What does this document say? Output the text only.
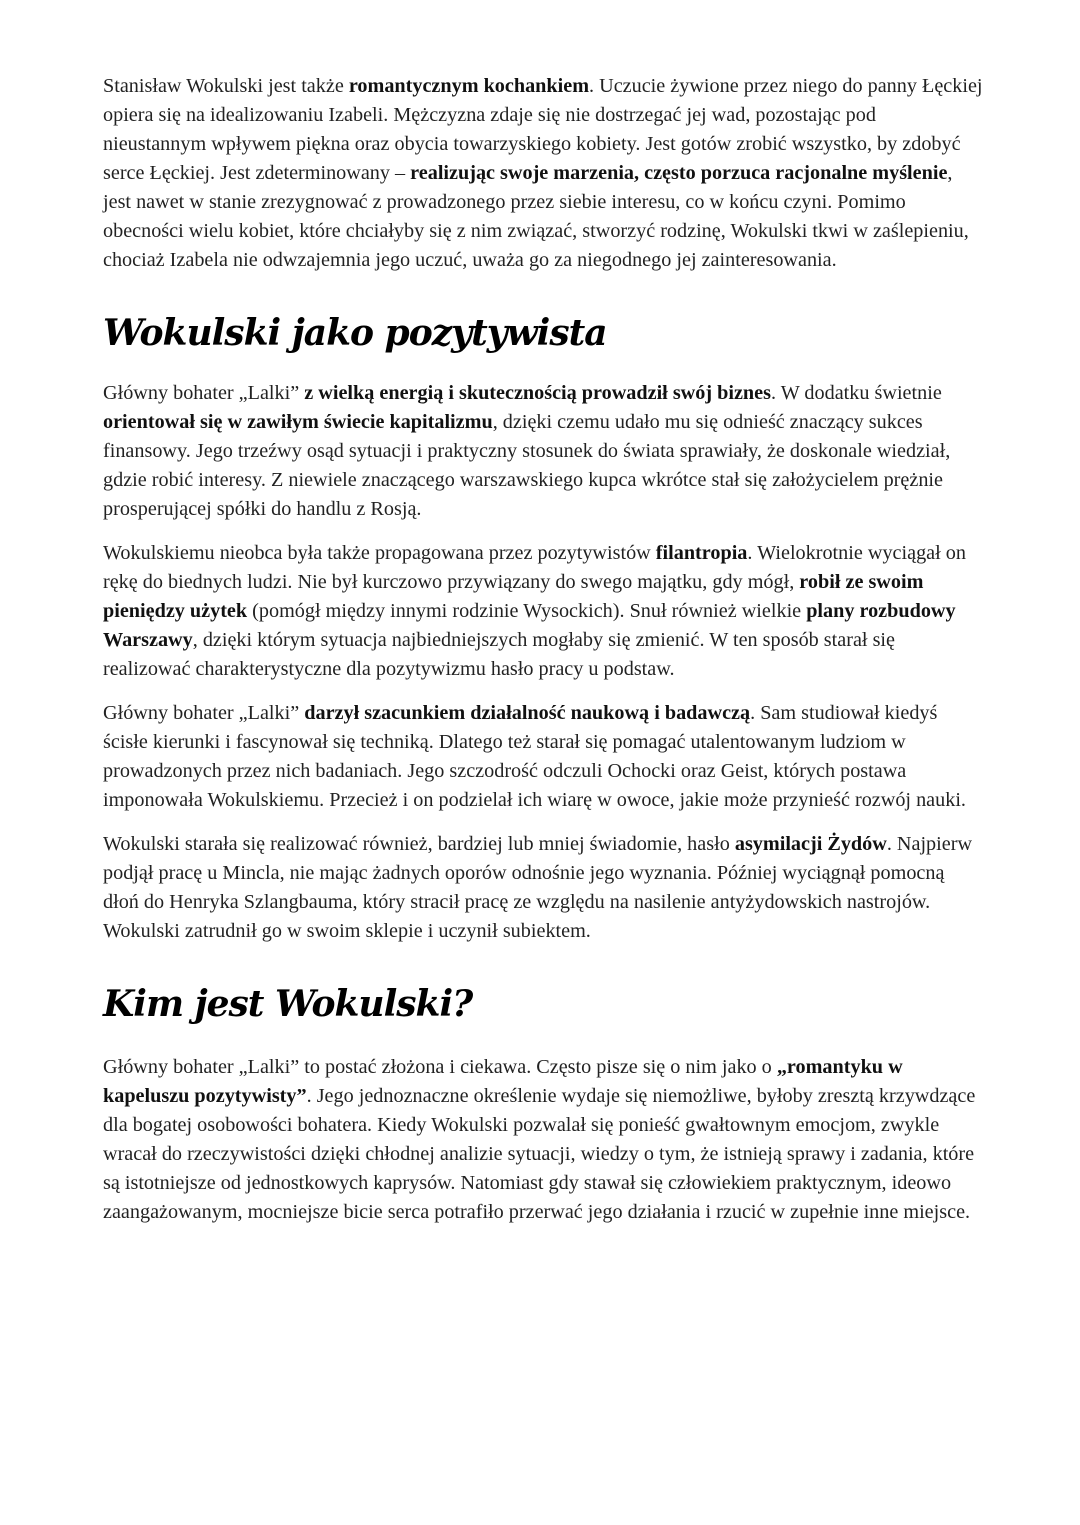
Stanisław Wokulski jest także romantycznym kochankiem. Uczucie żywione przez niego do panny Łęckiej opiera się na idealizowaniu Izabeli. Mężczyzna zdaje się nie dostrzegać jej wad, pozostając pod nieustannym wpływem piękna oraz obycia towarzyskiego kobiety. Jest gotów zrobić wszystko, by zdobyć serce Łęckiej. Jest zdeterminowany – realizując swoje marzenia, często porzuca racjonalne myślenie, jest nawet w stanie zrezygnować z prowadzonego przez siebie interesu, co w końcu czyni. Pomimo obecności wielu kobiet, które chciałyby się z nim związać, stworzyć rodzinę, Wokulski tkwi w zaślepieniu, chociaż Izabela nie odwzajemnia jego uczuć, uważa go za niegodnego jej zainteresowania.

Wokulski jako pozytywista

Główny bohater „Lalki” z wielką energią i skutecznością prowadził swój biznes. W dodatku świetnie orientował się w zawiłym świecie kapitalizmu, dzięki czemu udało mu się odnieść znaczący sukces finansowy. Jego trzeźwy osąd sytuacji i praktyczny stosunek do świata sprawiały, że doskonale wiedział, gdzie robić interesy. Z niewiele znaczącego warszawskiego kupca wkrótce stał się założycielem prężnie prosperującej spółki do handlu z Rosją.

Wokulskiemu nieobca była także propagowana przez pozytywistów filantropia. Wielokrotnie wyciągał on rękę do biednych ludzi. Nie był kurczowo przywiązany do swego majątku, gdy mógł, robił ze swoim pieniędzy użytek (pomógł między innymi rodzinie Wysockich). Snuł również wielkie plany rozbudowy Warszawy, dzięki którym sytuacja najbiedniejszych mogłaby się zmienić. W ten sposób starał się realizować charakterystyczne dla pozytywizmu hasło pracy u podstaw.

Główny bohater „Lalki” darzył szacunkiem działalność naukową i badawczą. Sam studiował kiedyś ścisłe kierunki i fascynował się techniką. Dlatego też starał się pomagać utalentowanym ludziom w prowadzonych przez nich badaniach. Jego szczodrość odczuli Ochocki oraz Geist, których postawa imponowała Wokulskiemu. Przecież i on podzielał ich wiarę w owoce, jakie może przynieść rozwój nauki.

Wokulski starała się realizować również, bardziej lub mniej świadomie, hasło asymilacji Żydów. Najpierw podjął pracę u Mincla, nie mając żadnych oporów odnośnie jego wyznania. Później wyciągnął pomocną dłoń do Henryka Szlangbauma, który stracił pracę ze względu na nasilenie antyżydowskich nastrojów. Wokulski zatrudnił go w swoim sklepie i uczynił subiektem.

Kim jest Wokulski?

Główny bohater „Lalki” to postać złożona i ciekawa. Często pisze się o nim jako o „romantyku w kapeluszu pozytywisty”. Jego jednoznaczne określenie wydaje się niemożliwe, byłoby zresztą krzywdzące dla bogatej osobowości bohatera. Kiedy Wokulski pozwalał się ponieść gwałtownym emocjom, zwykle wracał do rzeczywistości dzięki chłodnej analizie sytuacji, wiedzy o tym, że istnieją sprawy i zadania, które są istotniejsze od jednostkowych kaprysów. Natomiast gdy stawał się człowiekiem praktycznym, ideowo zaangażowanym, mocniejsze bicie serca potrafiło przerwać jego działania i rzucić w zupełnie inne miejsce.
